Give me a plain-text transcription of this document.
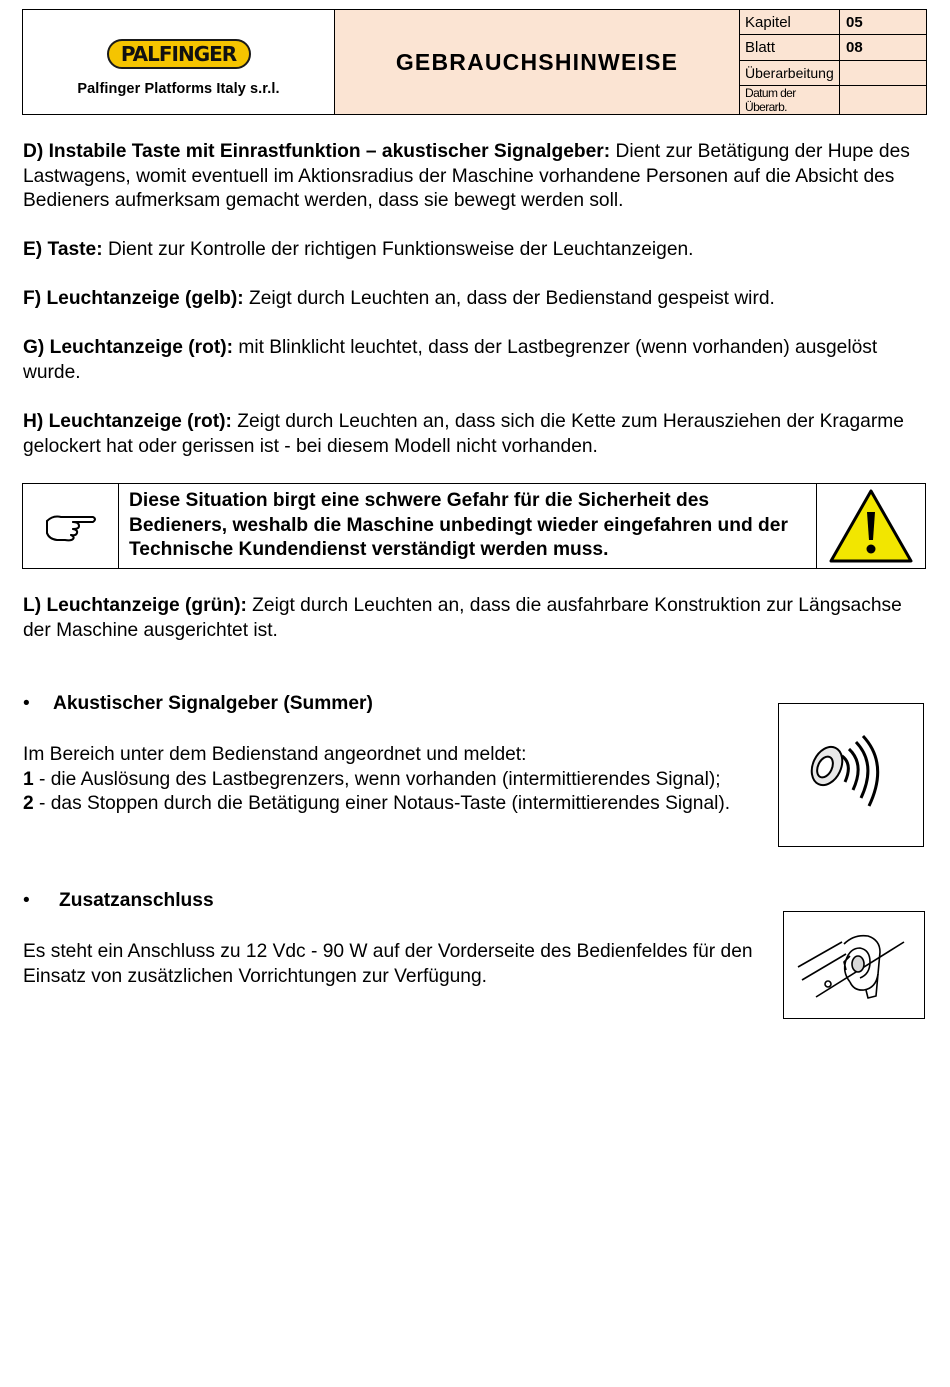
PALFINGER
Palfinger Platforms Italy s.r.l.
GEBRAUCHSHINWEISE
Kapitel	05
Blatt	08
Überarbeitung
Datum der Überarb.
D) Instabile Taste mit Einrastfunktion – akustischer Signalgeber: Dient zur Betätigung der Hupe des Lastwagens, womit eventuell im Aktionsradius der Maschine vorhandene Personen auf die Absicht des Bedieners aufmerksam gemacht werden, dass sie bewegt werden soll.
E) Taste: Dient zur Kontrolle der richtigen Funktionsweise der Leuchtanzeigen.
F) Leuchtanzeige (gelb): Zeigt durch Leuchten an, dass der Bedienstand gespeist wird.
G) Leuchtanzeige (rot): mit Blinklicht leuchtet, dass der Lastbegrenzer (wenn vorhanden) ausgelöst wurde.
H) Leuchtanzeige (rot): Zeigt durch Leuchten an, dass sich die Kette zum Herausziehen der Kragarme gelockert hat oder gerissen ist - bei diesem Modell nicht vorhanden.
Diese Situation birgt eine schwere Gefahr für die Sicherheit des Bedieners, weshalb die Maschine unbedingt wieder eingefahren und der Technische Kundendienst verständigt werden muss.
L) Leuchtanzeige (grün): Zeigt durch Leuchten an, dass die ausfahrbare Konstruktion zur Längsachse der Maschine ausgerichtet ist.
• Akustischer Signalgeber (Summer)
Im Bereich unter dem Bedienstand angeordnet und meldet:
1 - die Auslösung des Lastbegrenzers, wenn vorhanden (intermittierendes Signal);
2 - das Stoppen durch die Betätigung einer Notaus-Taste (intermittierendes Signal).
• Zusatzanschluss
Es steht ein Anschluss zu 12 Vdc - 90 W auf der Vorderseite des Bedienfeldes für den Einsatz von zusätzlichen Vorrichtungen zur Verfügung.
